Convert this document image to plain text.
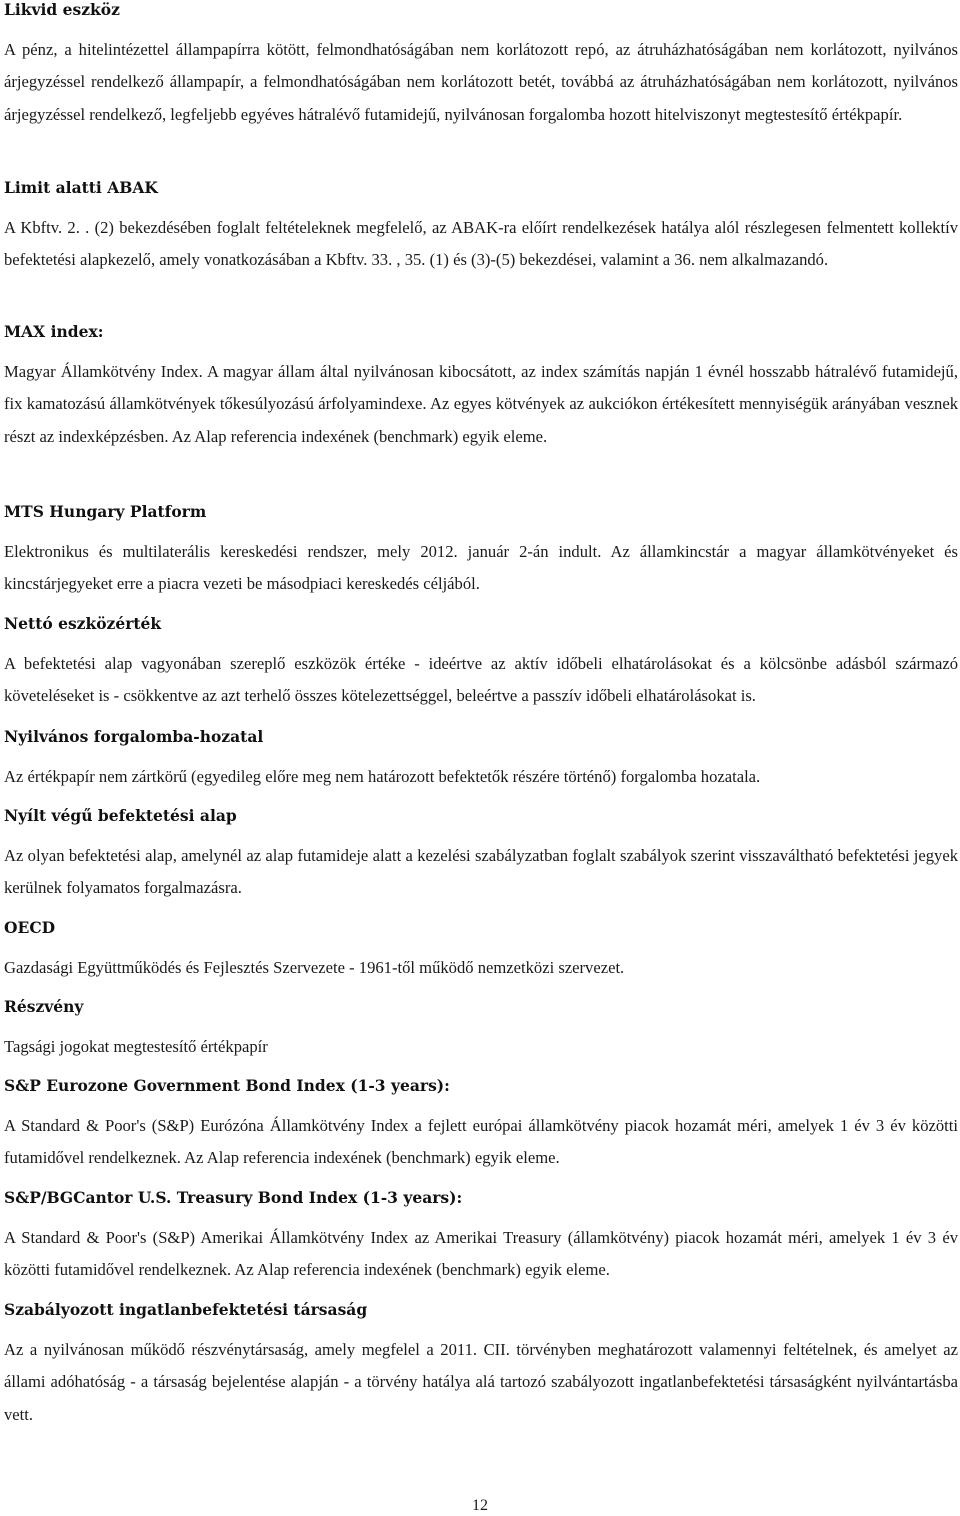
Likvid eszköz

A pénz, a hitelintézettel állampapírra kötött, felmondhatóságában nem korlátozott repó, az átruházhatóságában nem korlátozott, nyilvános árjegyzéssel rendelkező állampapír, a felmondhatóságában nem korlátozott betét, továbbá az átruházhatóságában nem korlátozott, nyilvános árjegyzéssel rendelkező, legfeljebb egyéves hátralévő futamidejű, nyilvánosan forgalomba hozott hitelviszonyt megtestesítő értékpapír.

Limit alatti ABAK

A Kbftv. 2. . (2) bekezdésében foglalt feltételeknek megfelelő, az ABAK-ra előírt rendelkezések hatálya alól részlegesen felmentett kollektív befektetési alapkezelő, amely vonatkozásában a Kbftv. 33. , 35. (1) és (3)-(5) bekezdései, valamint a 36. nem alkalmazandó.

MAX index:

Magyar Államkötvény Index. A magyar állam által nyilvánosan kibocsátott, az index számítás napján 1 évnél hosszabb hátralévő futamidejű, fix kamatozású államkötvények tőkesúlyozású árfolyamindexe. Az egyes kötvények az aukciókon értékesített mennyiségük arányában vesznek részt az indexképzésben. Az Alap referencia indexének (benchmark) egyik eleme.

MTS Hungary Platform

Elektronikus és multilaterális kereskedési rendszer, mely 2012. január 2-án indult. Az államkincstár a magyar államkötvényeket és kincstárjegyeket erre a piacra vezeti be másodpiaci kereskedés céljából.

Nettó eszközérték

A befektetési alap vagyonában szereplő eszközök értéke - ideértve az aktív időbeli elhatárolásokat és a kölcsönbe adásból származó követeléseket is - csökkentve az azt terhelő összes kötelezettséggel, beleértve a passzív időbeli elhatárolásokat is.

Nyilvános forgalomba-hozatal

Az értékpapír nem zártkörű (egyedileg előre meg nem határozott befektetők részére történő) forgalomba hozatala.

Nyílt végű befektetési alap

Az olyan befektetési alap, amelynél az alap futamideje alatt a kezelési szabályzatban foglalt szabályok szerint visszaváltható befektetési jegyek kerülnek folyamatos forgalmazásra.

OECD

Gazdasági Együttműködés és Fejlesztés Szervezete - 1961-től működő nemzetközi szervezet.

Részvény

Tagsági jogokat megtestesítő értékpapír

S&P Eurozone Government Bond Index (1-3 years):

A Standard & Poor's (S&P) Eurózóna Államkötvény Index a fejlett európai államkötvény piacok hozamát méri, amelyek 1 év 3 év közötti futamidővel rendelkeznek. Az Alap referencia indexének (benchmark) egyik eleme.

S&P/BGCantor U.S. Treasury Bond Index (1-3 years):

A Standard & Poor's (S&P) Amerikai Államkötvény Index az Amerikai Treasury (államkötvény) piacok hozamát méri, amelyek 1 év 3 év közötti futamidővel rendelkeznek. Az Alap referencia indexének (benchmark) egyik eleme.

Szabályozott ingatlanbefektetési társaság

Az a nyilvánosan működő részvénytársaság, amely megfelel a 2011. CII. törvényben meghatározott valamennyi feltételnek, és amelyet az állami adóhatóság - a társaság bejelentése alapján - a törvény hatálya alá tartozó szabályozott ingatlanbefektetési társaságként nyilvántartásba vett.

12
